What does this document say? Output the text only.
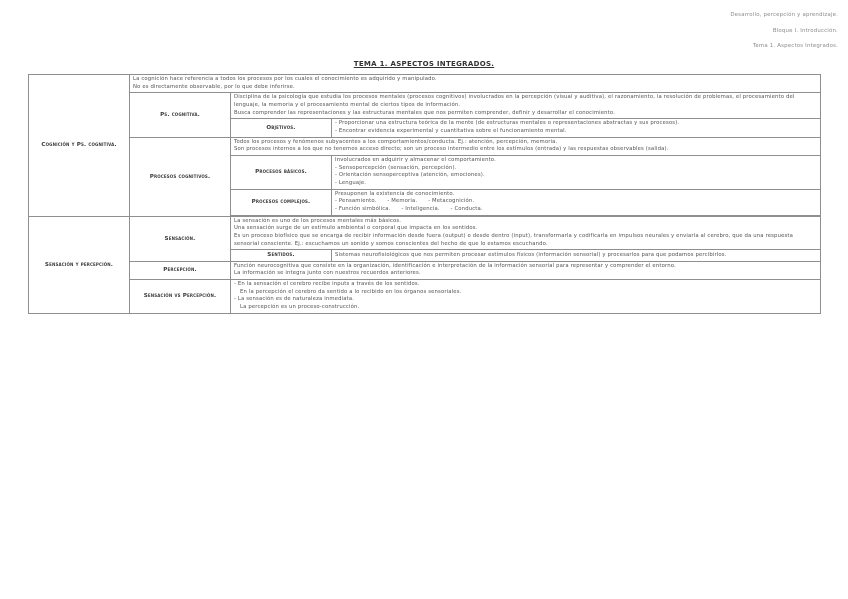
Desarrollo, percepción y aprendizaje.
Bloque I. Introducción.
Tema 1. Aspectos Integrados.
TEMA 1. ASPECTOS INTEGRADOS.
Cognición y Ps. cognitiva.	La cognición hace referencia a todos los procesos por los cuales el conocimiento es adquirido y manipulado.
No es directamente observable, por lo que debe inferirse.		

	Ps. cognitiva.	Disciplina de la psicología que estudia los procesos mentales (procesos cognitivos) involucrados en la percepción (visual y auditiva), el razonamiento, la resolución de problemas, el procesamiento del lenguaje, la memoria y el procesamiento mental de ciertos tipos de información.
Busca comprender las representaciones y las estructuras mentales que nos permiten comprender, definir y desarrollar el conocimiento.	

		Objetivos.	- Proporcionar una estructura teórica de la mente (de estructuras mentales o representaciones abstractas y sus procesos).
- Encontrar evidencia experimental y cuantitativa sobre el funcionamiento mental.

	Procesos cognitivos.	Todos los procesos y fenómenos subyacentes a los comportamientos/conducta. Ej.: atención, percepción, memoria.
Son procesos internos a los que no tenemos acceso directo; son un proceso intermedio entre los estímulos (entrada) y las respuestas observables (salida).	

		Procesos básicos.	Involucrados en adquirir y almacenar el comportamiento.
- Sensopercepción (sensación, percepción).
- Orientación sensoperceptiva (atención, emociones).
- Lenguaje.

		Procesos complejos.	Presuponen la existencia de conocimiento.
- Pensamiento. - Memoria. - Metacognición.
- Función simbólica. - Inteligencia. - Conducta.

Sensación y percepción.	Sensación.	La sensación es uno de los procesos mentales más básicos.
Una sensación surge de un estímulo ambiental o corporal que impacta en los sentidos.
Es un proceso biofísico que se encarga de recibir información desde fuera (output) o desde dentro (input), transformarla y codificarla en impulsos neurales y enviarla al cerebro, que da una respuesta sensorial consciente. Ej.: escuchamos un sonido y somos conscientes del hecho de que lo estamos escuchando.	

		Sentidos.	Sistemas neurofisiológicos que nos permiten procesar estímulos físicos (información sensorial) y procesarlos para que podamos percibirlos.
	Percepción.	Función neurocognitiva que consiste en la organización, identificación e interpretación de la información sensorial para representar y comprender el entorno.
La información se integra junto con nuestros recuerdos anteriores.	

	Sensación vs Percepción.	- En la sensación el cerebro recibe inputs a través de los sentidos.
En la percepción el cerebro da sentido a lo recibido en los órganos sensoriales.
- La sensación es de naturaleza inmediata.
La percepción es un proceso-construcción.	
